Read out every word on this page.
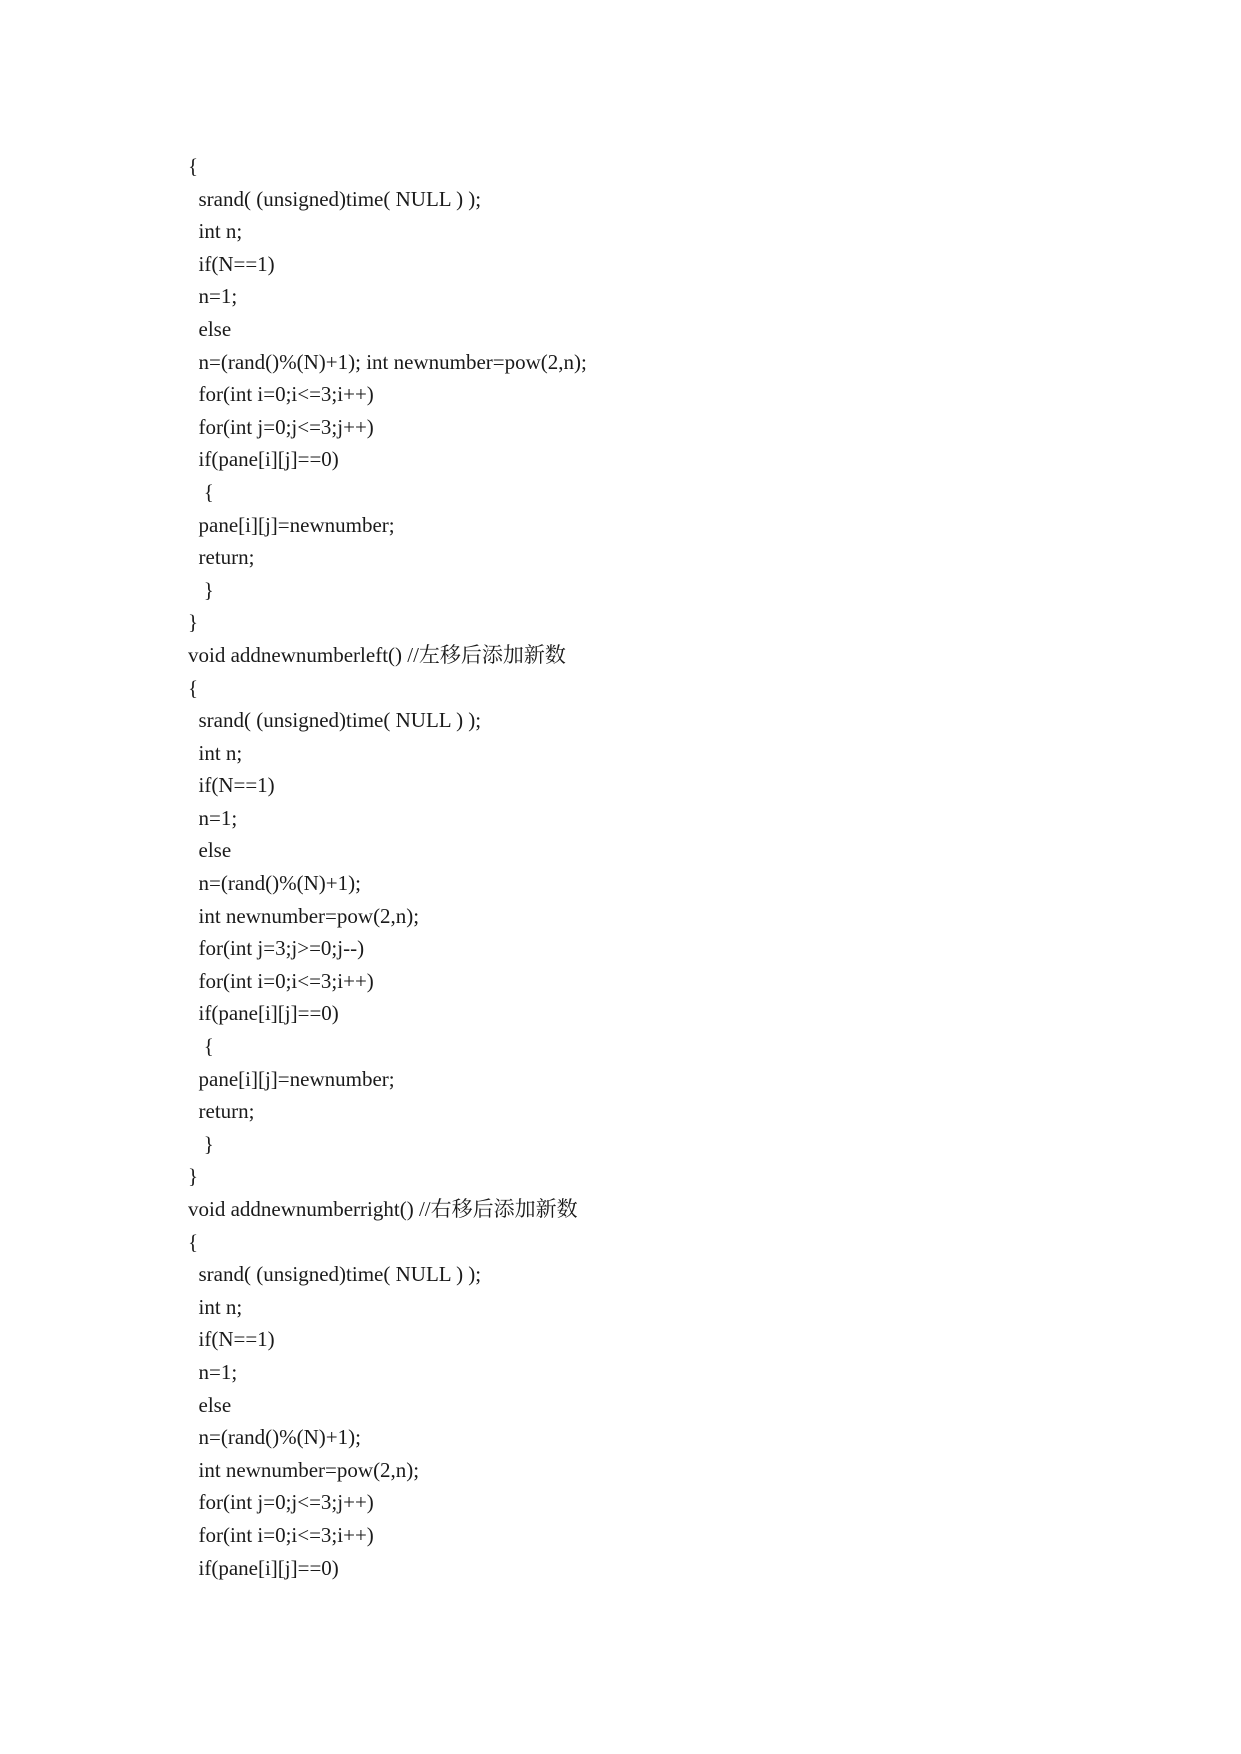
{
srand( (unsigned)time( NULL ) );
int n;
if(N==1)
n=1;
else
n=(rand()%(N)+1); int newnumber=pow(2,n);
for(int i=0;i<=3;i++)
for(int j=0;j<=3;j++)
if(pane[i][j]==0)
{
pane[i][j]=newnumber;
return;
}
}
void addnewnumberleft() //左移后添加新数
{
srand( (unsigned)time( NULL ) );
int n;
if(N==1)
n=1;
else
n=(rand()%(N)+1);
int newnumber=pow(2,n);
for(int j=3;j>=0;j--)
for(int i=0;i<=3;i++)
if(pane[i][j]==0)
{
pane[i][j]=newnumber;
return;
}
}
void addnewnumberright() //右移后添加新数
{
srand( (unsigned)time( NULL ) );
int n;
if(N==1)
n=1;
else
n=(rand()%(N)+1);
int newnumber=pow(2,n);
for(int j=0;j<=3;j++)
for(int i=0;i<=3;i++)
if(pane[i][j]==0)
